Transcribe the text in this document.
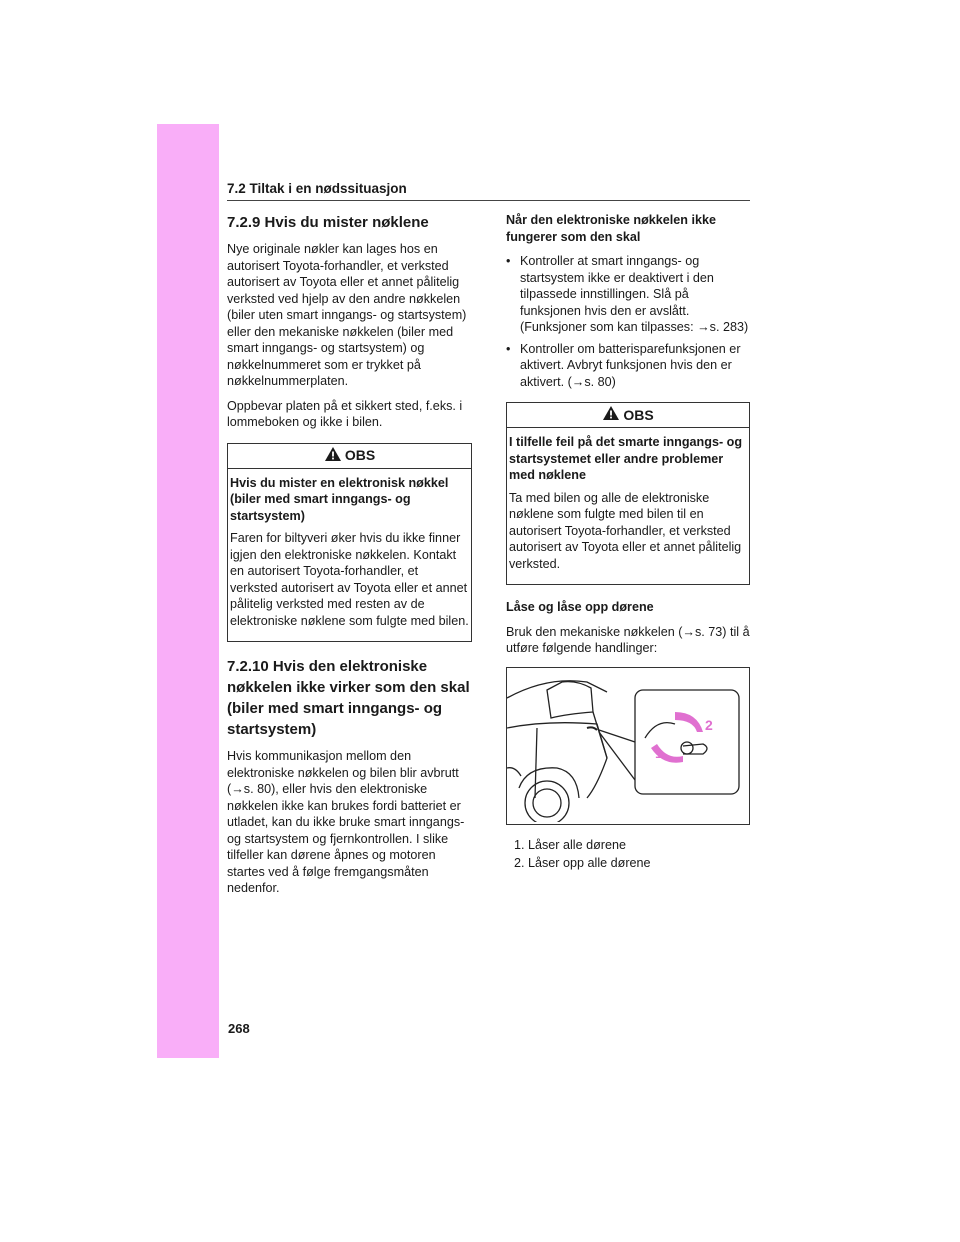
7.2 Tiltak i en nødssituasjon
7.2.9 Hvis du mister nøklene

Nye originale nøkler kan lages hos en autorisert Toyota-forhandler, et verksted autorisert av Toyota eller et annet pålitelig verksted ved hjelp av den andre nøkkelen (biler uten smart inngangs- og startsystem) eller den mekaniske nøkkelen (biler med smart inngangs- og startsystem) og nøkkelnummeret som er trykket på nøkkelnummerplaten.

Oppbevar platen på et sikkert sted, f.eks. i lommeboken og ikke i bilen.

OBS

Hvis du mister en elektronisk nøkkel (biler med smart inngangs- og startsystem)

Faren for biltyveri øker hvis du ikke finner igjen den elektroniske nøkkelen. Kontakt en autorisert Toyota-forhandler, et verksted autorisert av Toyota eller et annet pålitelig verksted med resten av de elektroniske nøklene som fulgte med bilen.

7.2.10 Hvis den elektroniske nøkkelen ikke virker som den skal (biler med smart inngangs- og startsystem)

Hvis kommunikasjon mellom den elektroniske nøkkelen og bilen blir avbrutt (→s. 80), eller hvis den elektroniske nøkkelen ikke kan brukes fordi batteriet er utladet, kan du ikke bruke smart inngangs- og startsystem og fjernkontrollen. I slike tilfeller kan dørene åpnes og motoren startes ved å følge fremgangsmåten nedenfor.

Når den elektroniske nøkkelen ikke fungerer som den skal

• Kontroller at smart inngangs- og startsystem ikke er deaktivert i den tilpassede innstillingen. Slå på funksjonen hvis den er avslått. (Funksjoner som kan tilpasses: →s. 283)
• Kontroller om batterisparefunksjonen er aktivert. Avbryt funksjonen hvis den er aktivert. (→s. 80)
OBS

I tilfelle feil på det smarte inngangs- og startsystemet eller andre problemer med nøklene

Ta med bilen og alle de elektroniske nøklene som fulgte med bilen til en autorisert Toyota-forhandler, et verksted autorisert av Toyota eller et annet pålitelig verksted.

Låse og låse opp dørene

Bruk den mekaniske nøkkelen (→s. 73) til å utføre følgende handlinger:

1
2
1. Låser alle dørene
2. Låser opp alle dørene
268
